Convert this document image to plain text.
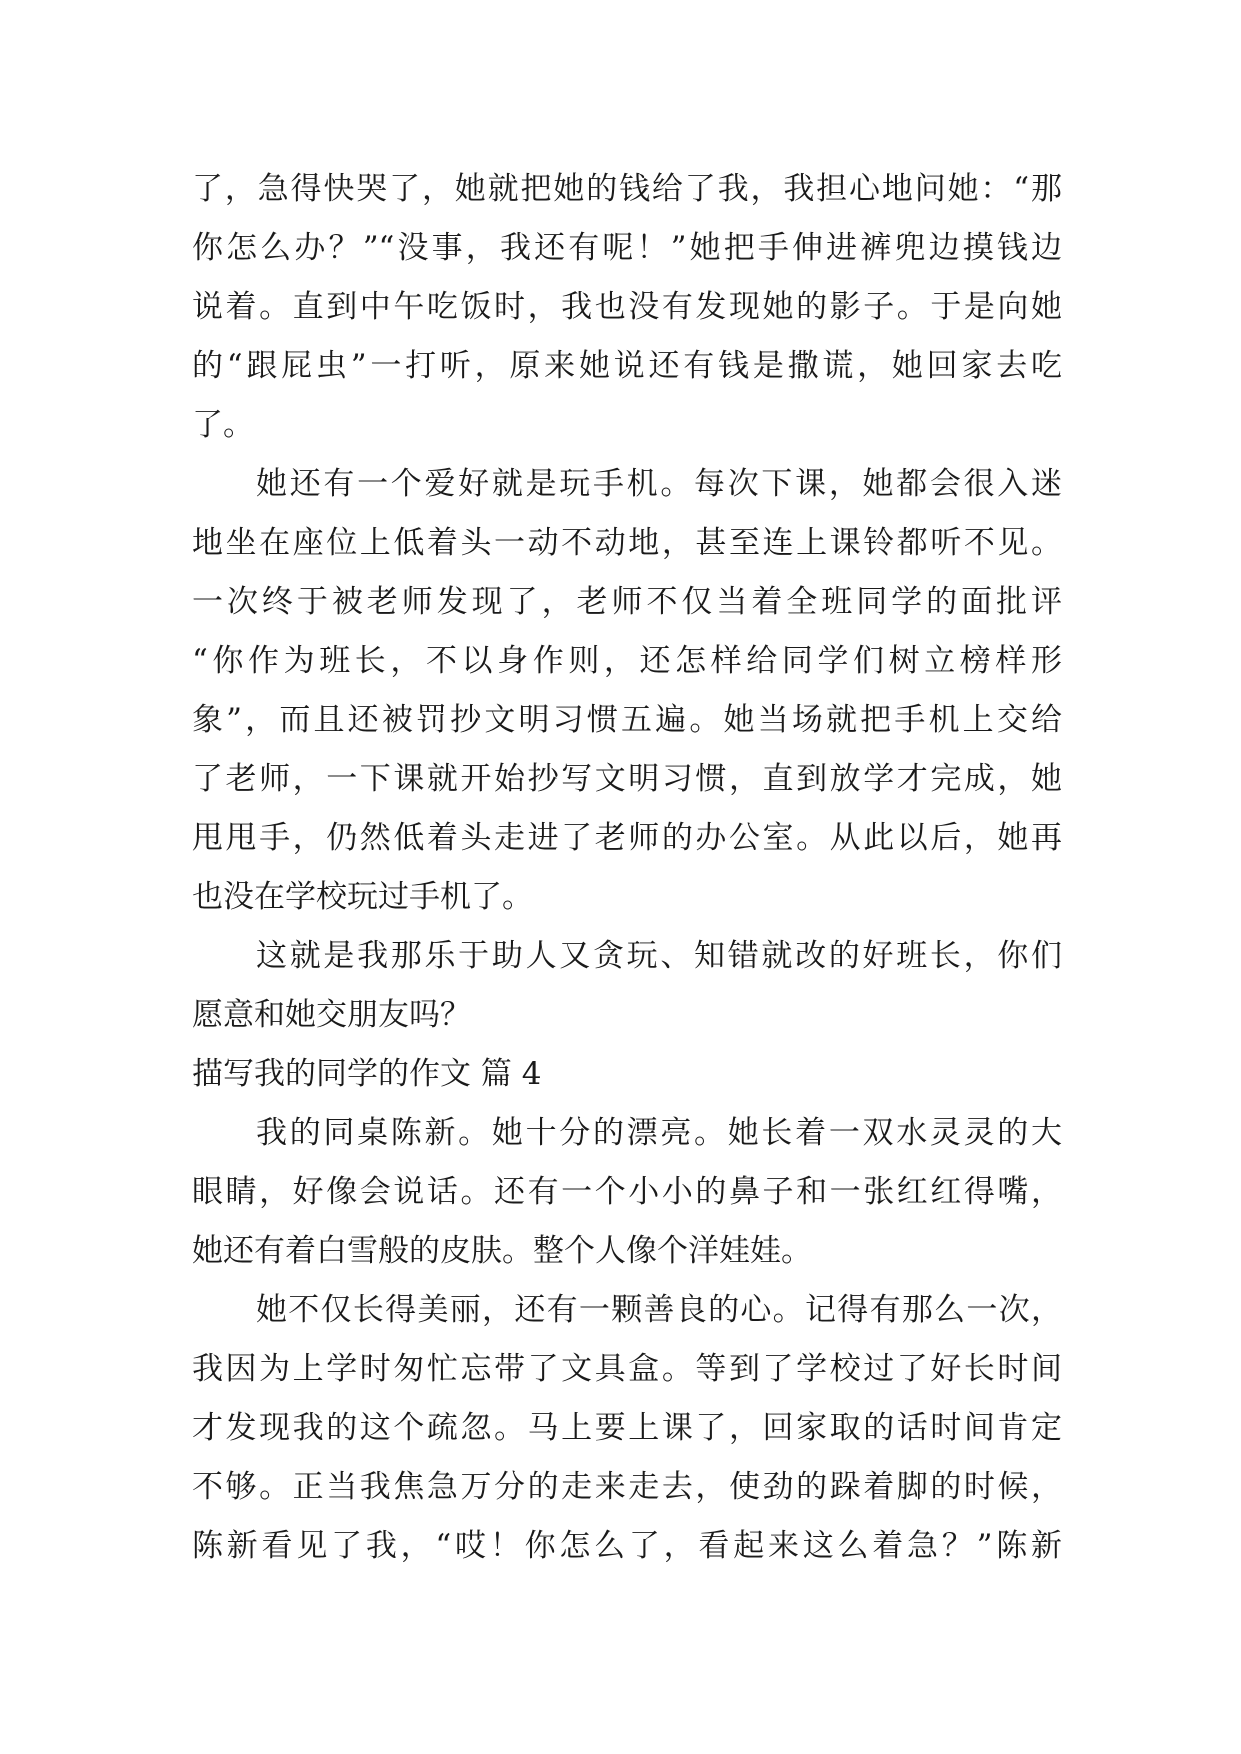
了，急得快哭了，她就把她的钱给了我，我担心地问她：“那
你怎么办？”“没事，我还有呢！”她把手伸进裤兜边摸钱边
说着。直到中午吃饭时，我也没有发现她的影子。于是向她
的“跟屁虫”一打听，原来她说还有钱是撒谎，她回家去吃
了。
她还有一个爱好就是玩手机。每次下课，她都会很入迷
地坐在座位上低着头一动不动地，甚至连上课铃都听不见。
一次终于被老师发现了，老师不仅当着全班同学的面批评
“你作为班长，不以身作则，还怎样给同学们树立榜样形
象”，而且还被罚抄文明习惯五遍。她当场就把手机上交给
了老师，一下课就开始抄写文明习惯，直到放学才完成，她
甩甩手，仍然低着头走进了老师的办公室。从此以后，她再
也没在学校玩过手机了。
这就是我那乐于助人又贪玩、知错就改的好班长，你们
愿意和她交朋友吗？
描写我的同学的作文 篇 4
我的同桌陈新。她十分的漂亮。她长着一双水灵灵的大
眼睛，好像会说话。还有一个小小的鼻子和一张红红得嘴，
她还有着白雪般的皮肤。整个人像个洋娃娃。
她不仅长得美丽，还有一颗善良的心。记得有那么一次，
我因为上学时匆忙忘带了文具盒。等到了学校过了好长时间
才发现我的这个疏忽。马上要上课了，回家取的话时间肯定
不够。正当我焦急万分的走来走去，使劲的跺着脚的时候，
陈新看见了我，“哎！你怎么了，看起来这么着急？”陈新
